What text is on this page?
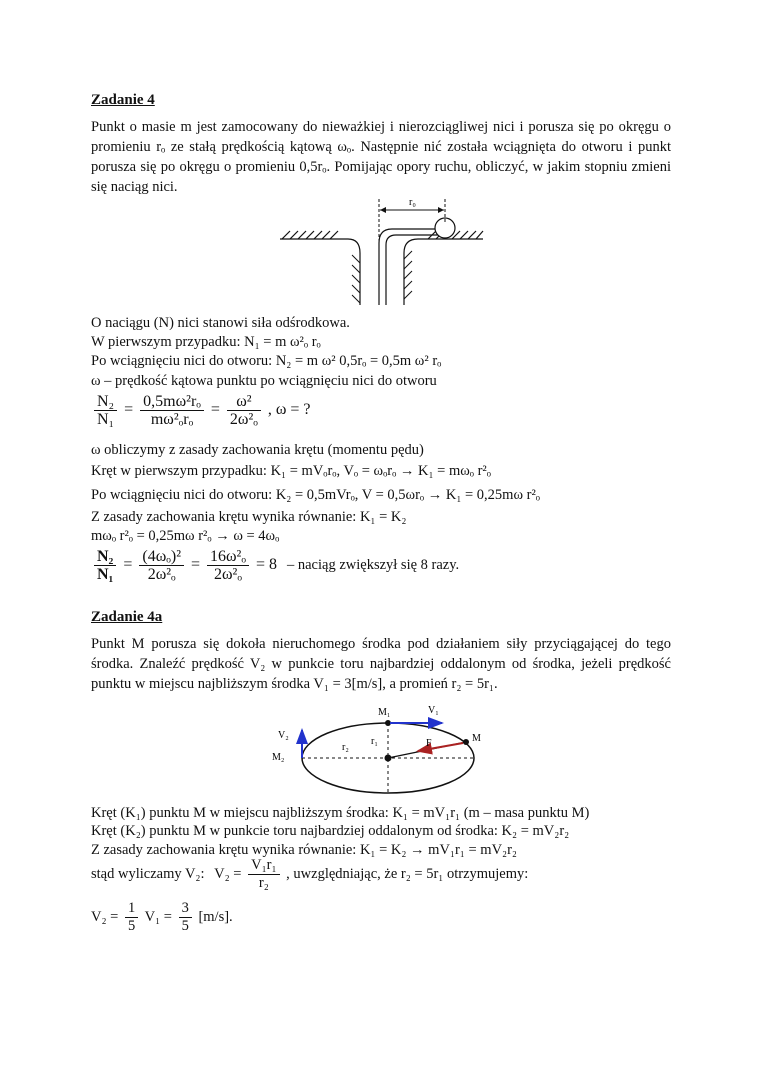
Zadanie 4
Punkt o masie m jest zamocowany do nieważkiej i nierozciągliwej nici i porusza się po okręgu o promieniu rₒ ze stałą prędkością kątową ωₒ. Następnie nić została wciągnięta do otworu i punkt porusza się po okręgu o promieniu 0,5rₒ. Pomijając opory ruchu, obliczyć, w jakim stopniu zmieni się naciąg nici.
r₀
O naciągu (N) nici stanowi siła odśrodkowa.
W pierwszym przypadku: N₁ = m ω²ₒ rₒ
Po wciągnięciu nici do otworu: N₂ = m ω² 0,5rₒ = 0,5m ω² rₒ
ω – prędkość kątowa punktu po wciągnięciu nici do otworu
$\frac{\text{N₂}}{\text{N₁}} = \frac{\text{0,5mω²rₒ}}{\text{mω²ₒrₒ}} = \frac{\text{ω²}}{\text{2ω²ₒ}}$ , ω = ?
ω obliczymy z zasady zachowania krętu (momentu pędu)
Kręt w pierwszym przypadku: K₁ = mVₒrₒ, Vₒ = ωₒrₒ → K₁ = mωₒ r²ₒ
Po wciągnięciu nici do otworu: K₂ = 0,5mVrₒ, V = 0,5ωrₒ → K₁ = 0,25mω r²ₒ
Z zasady zachowania krętu wynika równanie: K₁ = K₂
mωₒ r²ₒ = 0,25mω r²ₒ → ω = 4ωₒ
$\frac{\text{N₂}}{\text{N₁}} = \frac{\text{(4ωₒ)²}}{\text{2ω²ₒ}} = \frac{\text{16ω²ₒ}}{\text{2ω²ₒ}} = 8$ – naciąg zwiększył się 8 razy.
Zadanie 4a
Punkt M porusza się dokoła nieruchomego środka pod działaniem siły przyciągającej do tego środka. Znaleźć prędkość V₂ w punkcie toru najbardziej oddalonym od środka, jeżeli prędkość punktu w miejscu najbliższym środka V₁ = 3[m/s], a promień r₂ = 5r₁.
M₁	V₁
V₂
M₂
r₂
r₁	F	M
Kręt (K₁) punktu M w miejscu najbliższym środka: K₁ = mV₁r₁ (m – masa punktu M)
Kręt (K₂) punktu M w punkcie toru najbardziej oddalonym od środka: K₂ = mV₂r₂
Z zasady zachowania krętu wynika równanie: K₁ = K₂ → mV₁r₁ = mV₂r₂
stąd wyliczamy V₂: $V_2 = \frac{\text{V₁r₁}}{\text{r₂}}$ , uwzględniając, że r₂ = 5r₁ otrzymujemy:
$V_2 = \frac{1}{5} V_1 = \frac{3}{5} [m/s]$.
